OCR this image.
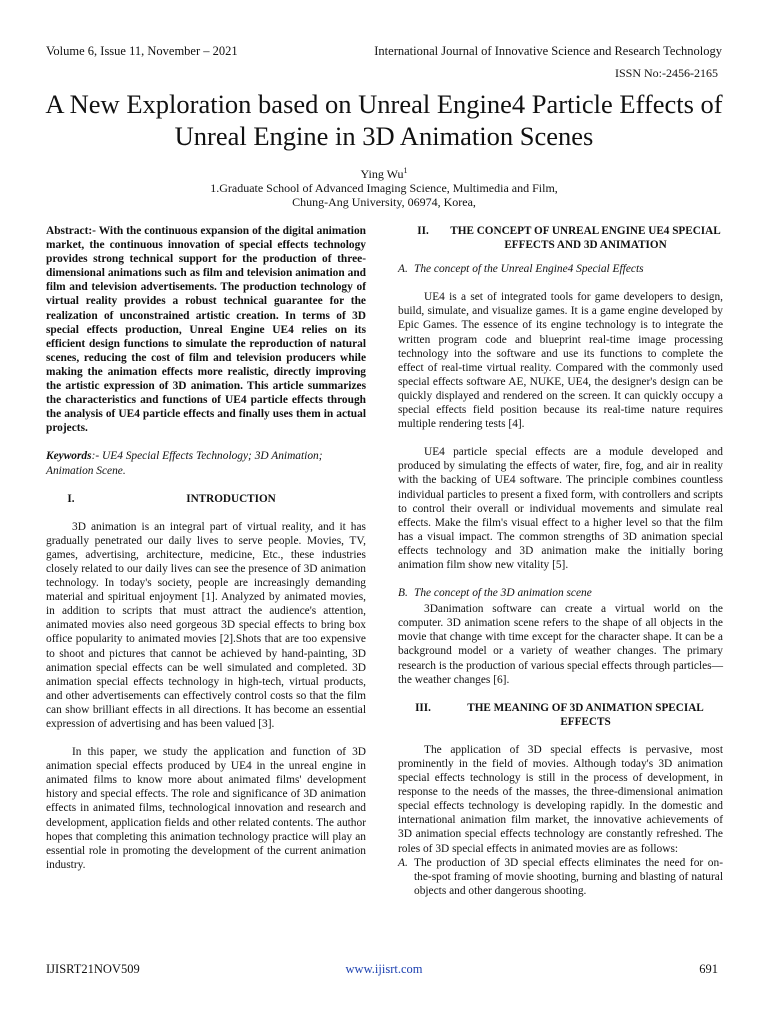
Volume 6, Issue 11, November – 2021	International Journal of Innovative Science and Research Technology
ISSN No:-2456-2165
A New Exploration based on Unreal Engine4 Particle Effects of Unreal Engine in 3D Animation Scenes
Ying Wu$^1$
1.Graduate School of Advanced Imaging Science, Multimedia and Film,
Chung-Ang University, 06974, Korea,

Abstract:- With the continuous expansion of the digital animation market, the continuous innovation of special effects technology provides strong technical support for the production of three-dimensional animations such as film and television animation and film and television advertisements. The production technology of virtual reality provides a robust technical guarantee for the realization of unconstrained artistic creation. In terms of 3D special effects production, Unreal Engine UE4 relies on its efficient design functions to simulate the reproduction of natural scenes, reducing the cost of film and television producers while making the animation effects more realistic, directly improving the artistic expression of 3D animation. This article summarizes the characteristics and functions of UE4 particle effects through the analysis of UE4 particle effects and finally uses them in actual projects.

Keywords:- UE4 Special Effects Technology; 3D Animation; Animation Scene.

I.	INTRODUCTION

3D animation is an integral part of virtual reality, and it has gradually penetrated our daily lives to serve people. Movies, TV, games, advertising, architecture, medicine, Etc., these industries closely related to our daily lives can see the presence of 3D animation technology. In today's society, people are increasingly demanding material and spiritual enjoyment [1]. Analyzed by animated movies, in addition to scripts that must attract the audience's attention, animated movies also need gorgeous 3D special effects to bring box office popularity to animated movies [2].Shots that are too expensive to shoot and pictures that cannot be achieved by hand-painting, 3D animation special effects can be well simulated and completed. 3D animation special effects technology in high-tech, virtual products, and other advertisements can effectively control costs so that the film can show brilliant effects in all directions. It has become an essential expression of advertising and has been valued [3].

In this paper, we study the application and function of 3D animation special effects produced by UE4 in the unreal engine in animated films to know more about animated films' development history and special effects. The role and significance of 3D animation effects in animated films, technological innovation and research and development, application fields and other related contents. The author hopes that completing this animation technology practice will play an essential role in promoting the development of the current animation industry.

II.	THE CONCEPT OF UNREAL ENGINE UE4 SPECIAL EFFECTS AND 3D ANIMATION

A. The concept of the Unreal Engine4 Special Effects

UE4 is a set of integrated tools for game developers to design, build, simulate, and visualize games. It is a game engine developed by Epic Games. The essence of its engine technology is to integrate the written program code and blueprint real-time image processing technology into the software and use its functions to complete the effect of real-time virtual reality. Compared with the commonly used special effects software AE, NUKE, UE4, the designer's design can be quickly displayed and rendered on the screen. It can quickly occupy a special effects field position because its real-time nature requires multiple rendering tests [4].

UE4 particle special effects are a module developed and produced by simulating the effects of water, fire, fog, and air in reality with the backing of UE4 software. The principle combines countless individual particles to present a fixed form, with controllers and scripts to control their overall or individual movements and simulate real effects. Make the film's visual effect to a higher level so that the film has a visual impact. The common strengths of 3D animation special effects technology and 3D animation make the initially boring animation film show new vitality [5].

B. The concept of the 3D animation scene

3Danimation software can create a virtual world on the computer. 3D animation scene refers to the shape of all objects in the movie that change with time except for the character shape. It can be a background model or a variety of weather changes. The primary research is the production of various special effects through particles—the weather changes [6].

III.	THE MEANING OF 3D ANIMATION SPECIAL EFFECTS

The application of 3D special effects is pervasive, most prominently in the field of movies. Although today's 3D animation special effects technology is still in the process of development, in response to the needs of the masses, the three-dimensional animation special effects technology is developing rapidly. In the domestic and international animation film market, the innovative achievements of 3D animation special effects technology are constantly refreshed. The roles of 3D special effects in animated movies are as follows:

A. The production of 3D special effects eliminates the need for on-the-spot framing of movie shooting, burning and blasting of natural objects and other dangerous shooting.
IJISRT21NOV509	www.ijisrt.com	691
